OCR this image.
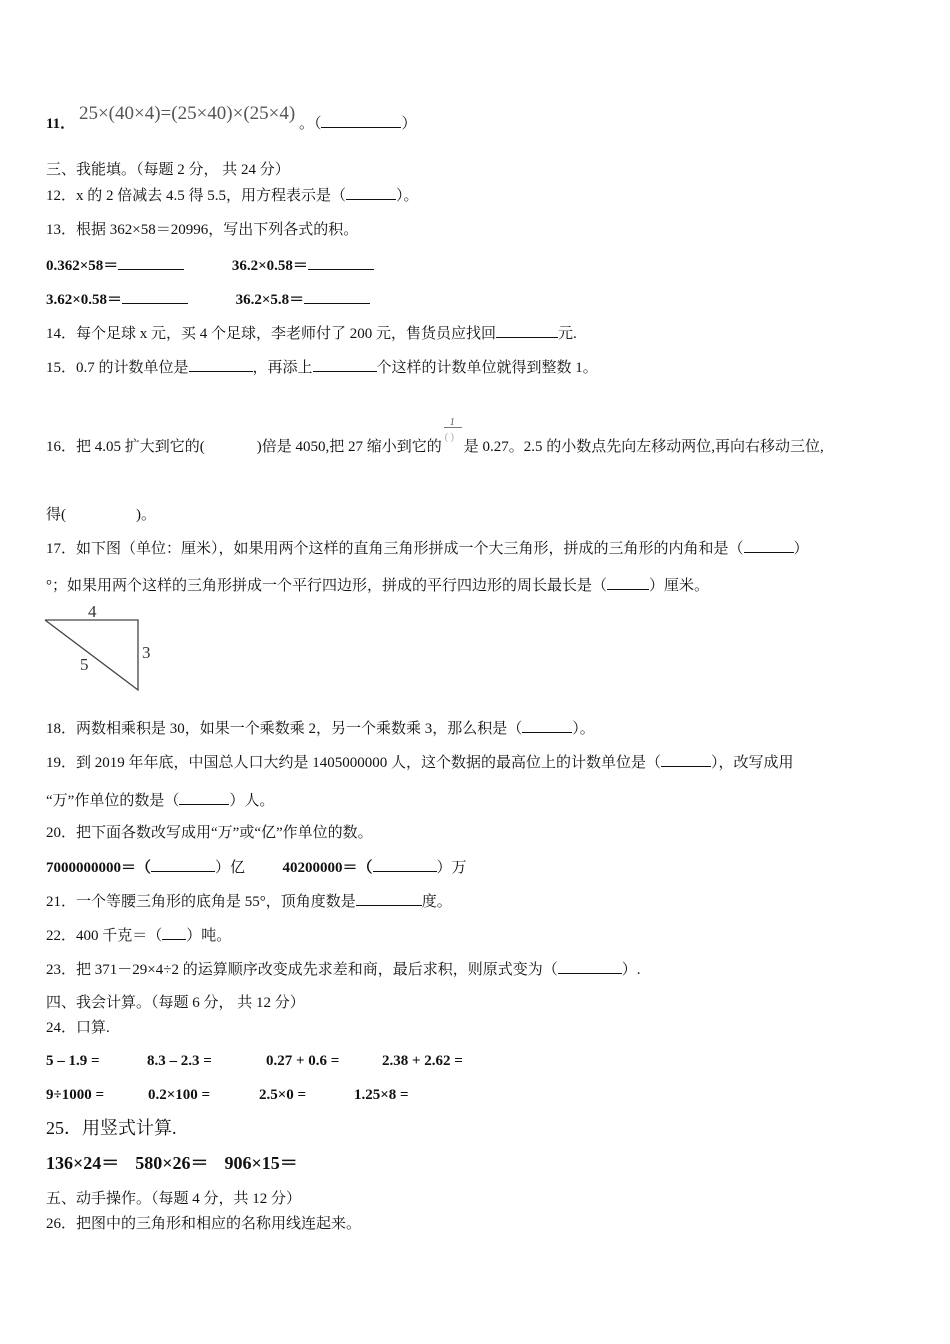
11． 25×(40×4)=(25×40)×(25×4) 。（	）
三、我能填。（每题 2 分， 共 24 分）
12．x 的 2 倍减去 4.5 得 5.5，用方程表示是（	）。
13．根据 362×58＝20996，写出下列各式的积。
0.362×58＝	36.2×0.58＝
3.62×0.58＝	36.2×5.8＝
14．每个足球 x 元，买 4 个足球，李老师付了 200 元，售货员应找回	元.
15．0.7 的计数单位是	，再添上	个这样的计数单位就得到整数 1。
16．把 4.05 扩大到它的(	)倍是 4050,把 27 缩小到它的 $\frac{1}{( )}$ 是 0.27。2.5 的小数点先向左移动两位,再向右移动三位,
得(	)。
17．如下图（单位：厘米），如果用两个这样的直角三角形拼成一个大三角形，拼成的三角形的内角和是（	）
°；如果用两个这样的三角形拼成一个平行四边形，拼成的平行四边形的周长最长是（	）厘米。
4
3
5
18．两数相乘积是 30，如果一个乘数乘 2，另一个乘数乘 3，那么积是（	）。
19．到 2019 年年底，中国总人口大约是 1405000000 人，这个数据的最高位上的计数单位是（	），改写成用
“万”作单位的数是（	）人。
20．把下面各数改写成用“万”或“亿”作单位的数。
7000000000＝（	）亿	40200000＝（	）万
21．一个等腰三角形的底角是 55°，顶角度数是	度。
22．400 千克＝（ ）吨。
23．把 371－29×4÷2 的运算顺序改变成先求差和商，最后求积，则原式变为（	）.
四、我会计算。（每题 6 分， 共 12 分）
24．口算.
5 – 1.9 =	8.3 – 2.3 =	0.27 + 0.6 =	2.38 + 2.62 =
9÷1000 =	0.2×100 =	2.5×0 =	1.25×8 =
25．用竖式计算.
136×24＝ 580×26＝ 906×15＝
五、动手操作。（每题 4 分，共 12 分）
26．把图中的三角形和相应的名称用线连起来。
